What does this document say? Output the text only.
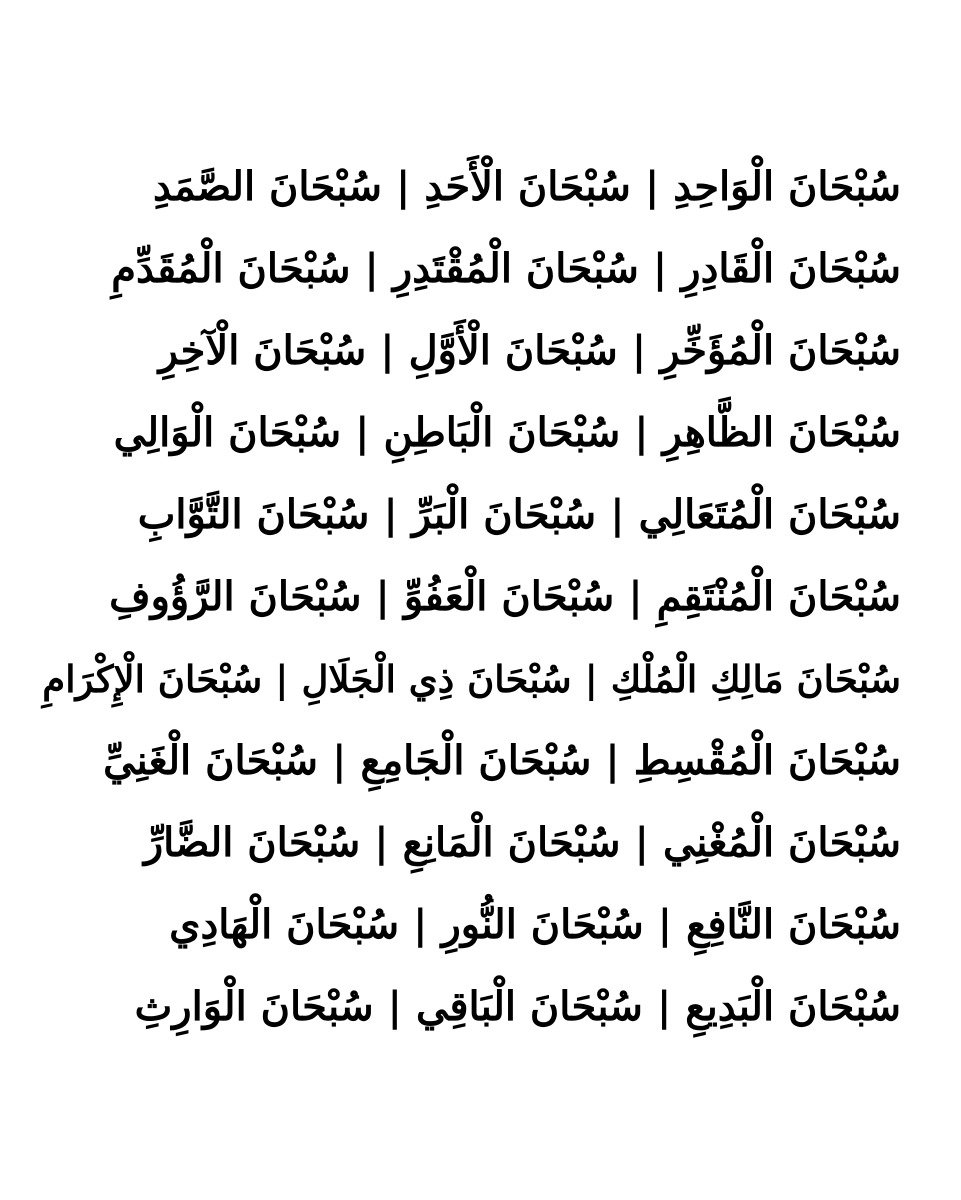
سُبْحَانَ الْوَاحِدِ | سُبْحَانَ الْأَحَدِ | سُبْحَانَ الصَّمَدِ
سُبْحَانَ الْقَادِرِ | سُبْحَانَ الْمُقْتَدِرِ | سُبْحَانَ الْمُقَدِّمِ
سُبْحَانَ الْمُؤَخِّرِ | سُبْحَانَ الْأَوَّلِ | سُبْحَانَ الْآخِرِ
سُبْحَانَ الظَّاهِرِ | سُبْحَانَ الْبَاطِنِ | سُبْحَانَ الْوَالِي
سُبْحَانَ الْمُتَعَالِي | سُبْحَانَ الْبَرِّ | سُبْحَانَ التَّوَّابِ
سُبْحَانَ الْمُنْتَقِمِ | سُبْحَانَ الْعَفُوِّ | سُبْحَانَ الرَّؤُوفِ
سُبْحَانَ مَالِكِ الْمُلْكِ | سُبْحَانَ ذِي الْجَلَالِ | سُبْحَانَ الْإِكْرَامِ
سُبْحَانَ الْمُقْسِطِ | سُبْحَانَ الْجَامِعِ | سُبْحَانَ الْغَنِيِّ
سُبْحَانَ الْمُغْنِي | سُبْحَانَ الْمَانِعِ | سُبْحَانَ الضَّارِّ
سُبْحَانَ النَّافِعِ | سُبْحَانَ النُّورِ | سُبْحَانَ الْهَادِي
سُبْحَانَ الْبَدِيعِ | سُبْحَانَ الْبَاقِي | سُبْحَانَ الْوَارِثِ
